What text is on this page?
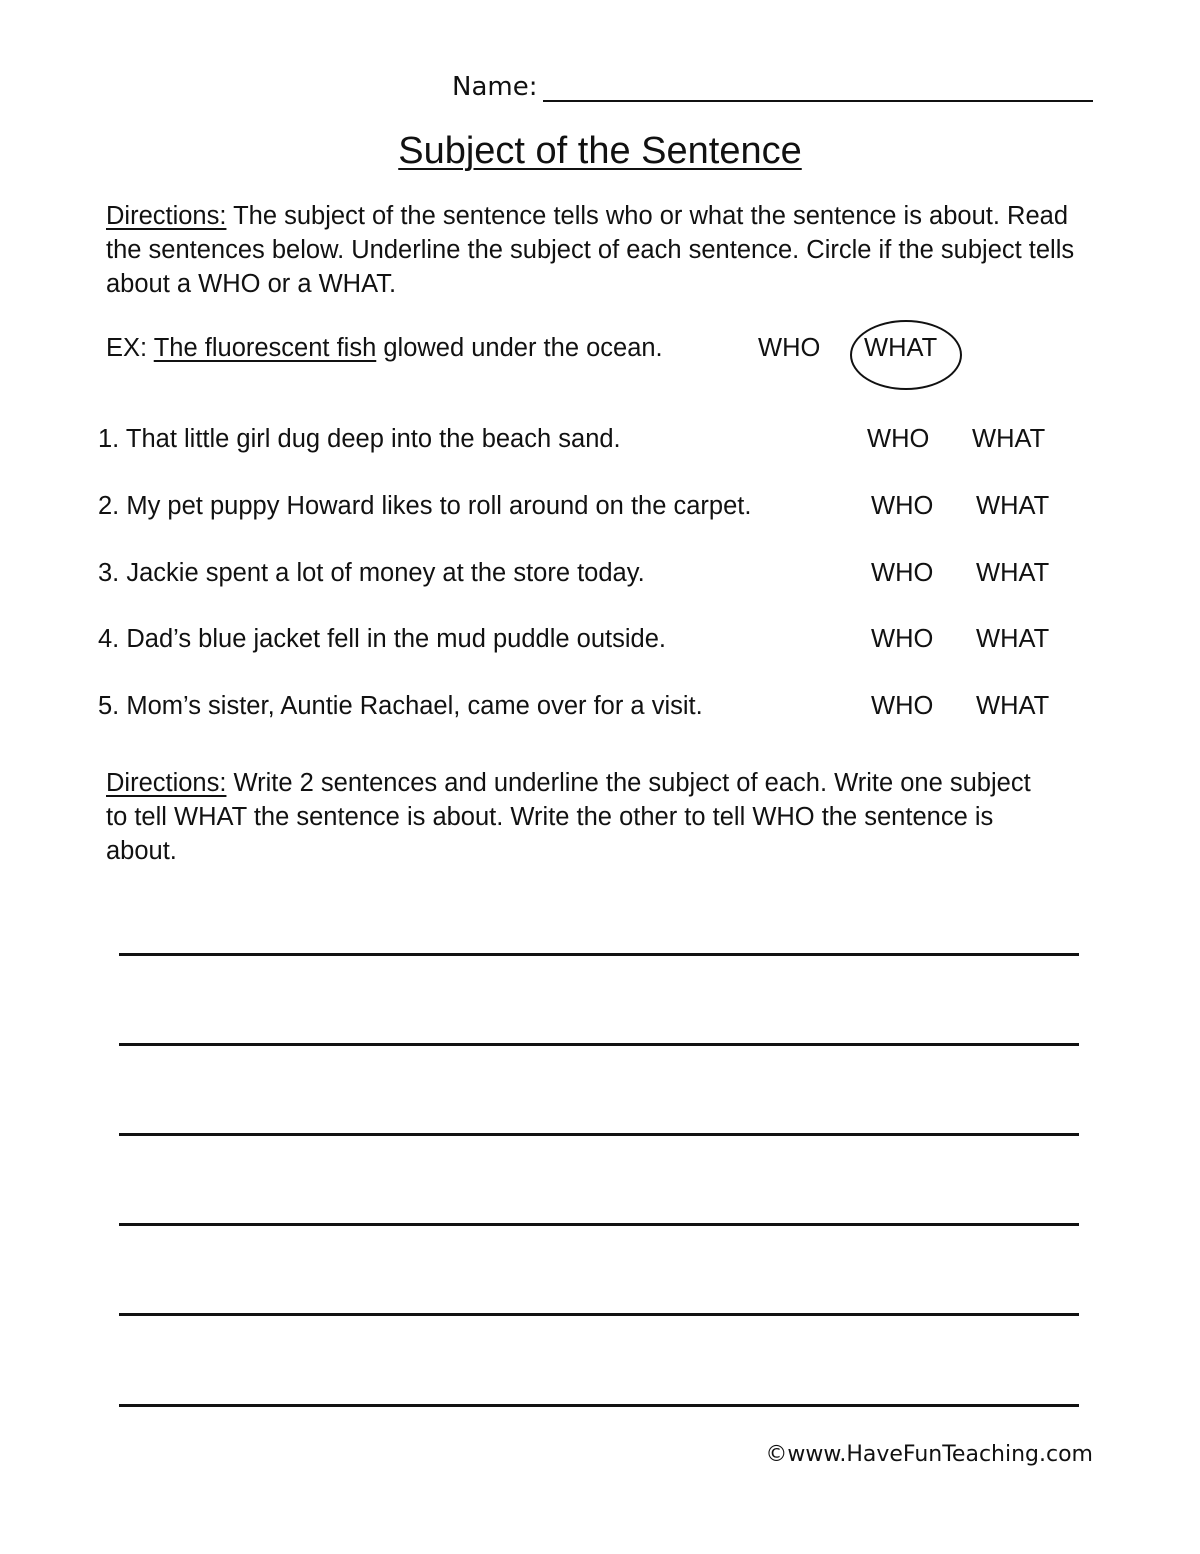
Name:
Subject of the Sentence
Directions: The subject of the sentence tells who or what the sentence is about. Read the sentences below. Underline the subject of each sentence. Circle if the subject tells about a WHO or a WHAT.
EX: The fluorescent fish glowed under the ocean.	WHO WHAT
1. That little girl dug deep into the beach sand.	WHO WHAT
2. My pet puppy Howard likes to roll around on the carpet.	WHO WHAT
3. Jackie spent a lot of money at the store today.	WHO WHAT
4. Dad’s blue jacket fell in the mud puddle outside.	WHO WHAT
5. Mom’s sister, Auntie Rachael, came over for a visit.	WHO WHAT
Directions: Write 2 sentences and underline the subject of each. Write one subject to tell WHAT the sentence is about. Write the other to tell WHO the sentence is about.
©www.HaveFunTeaching.com
